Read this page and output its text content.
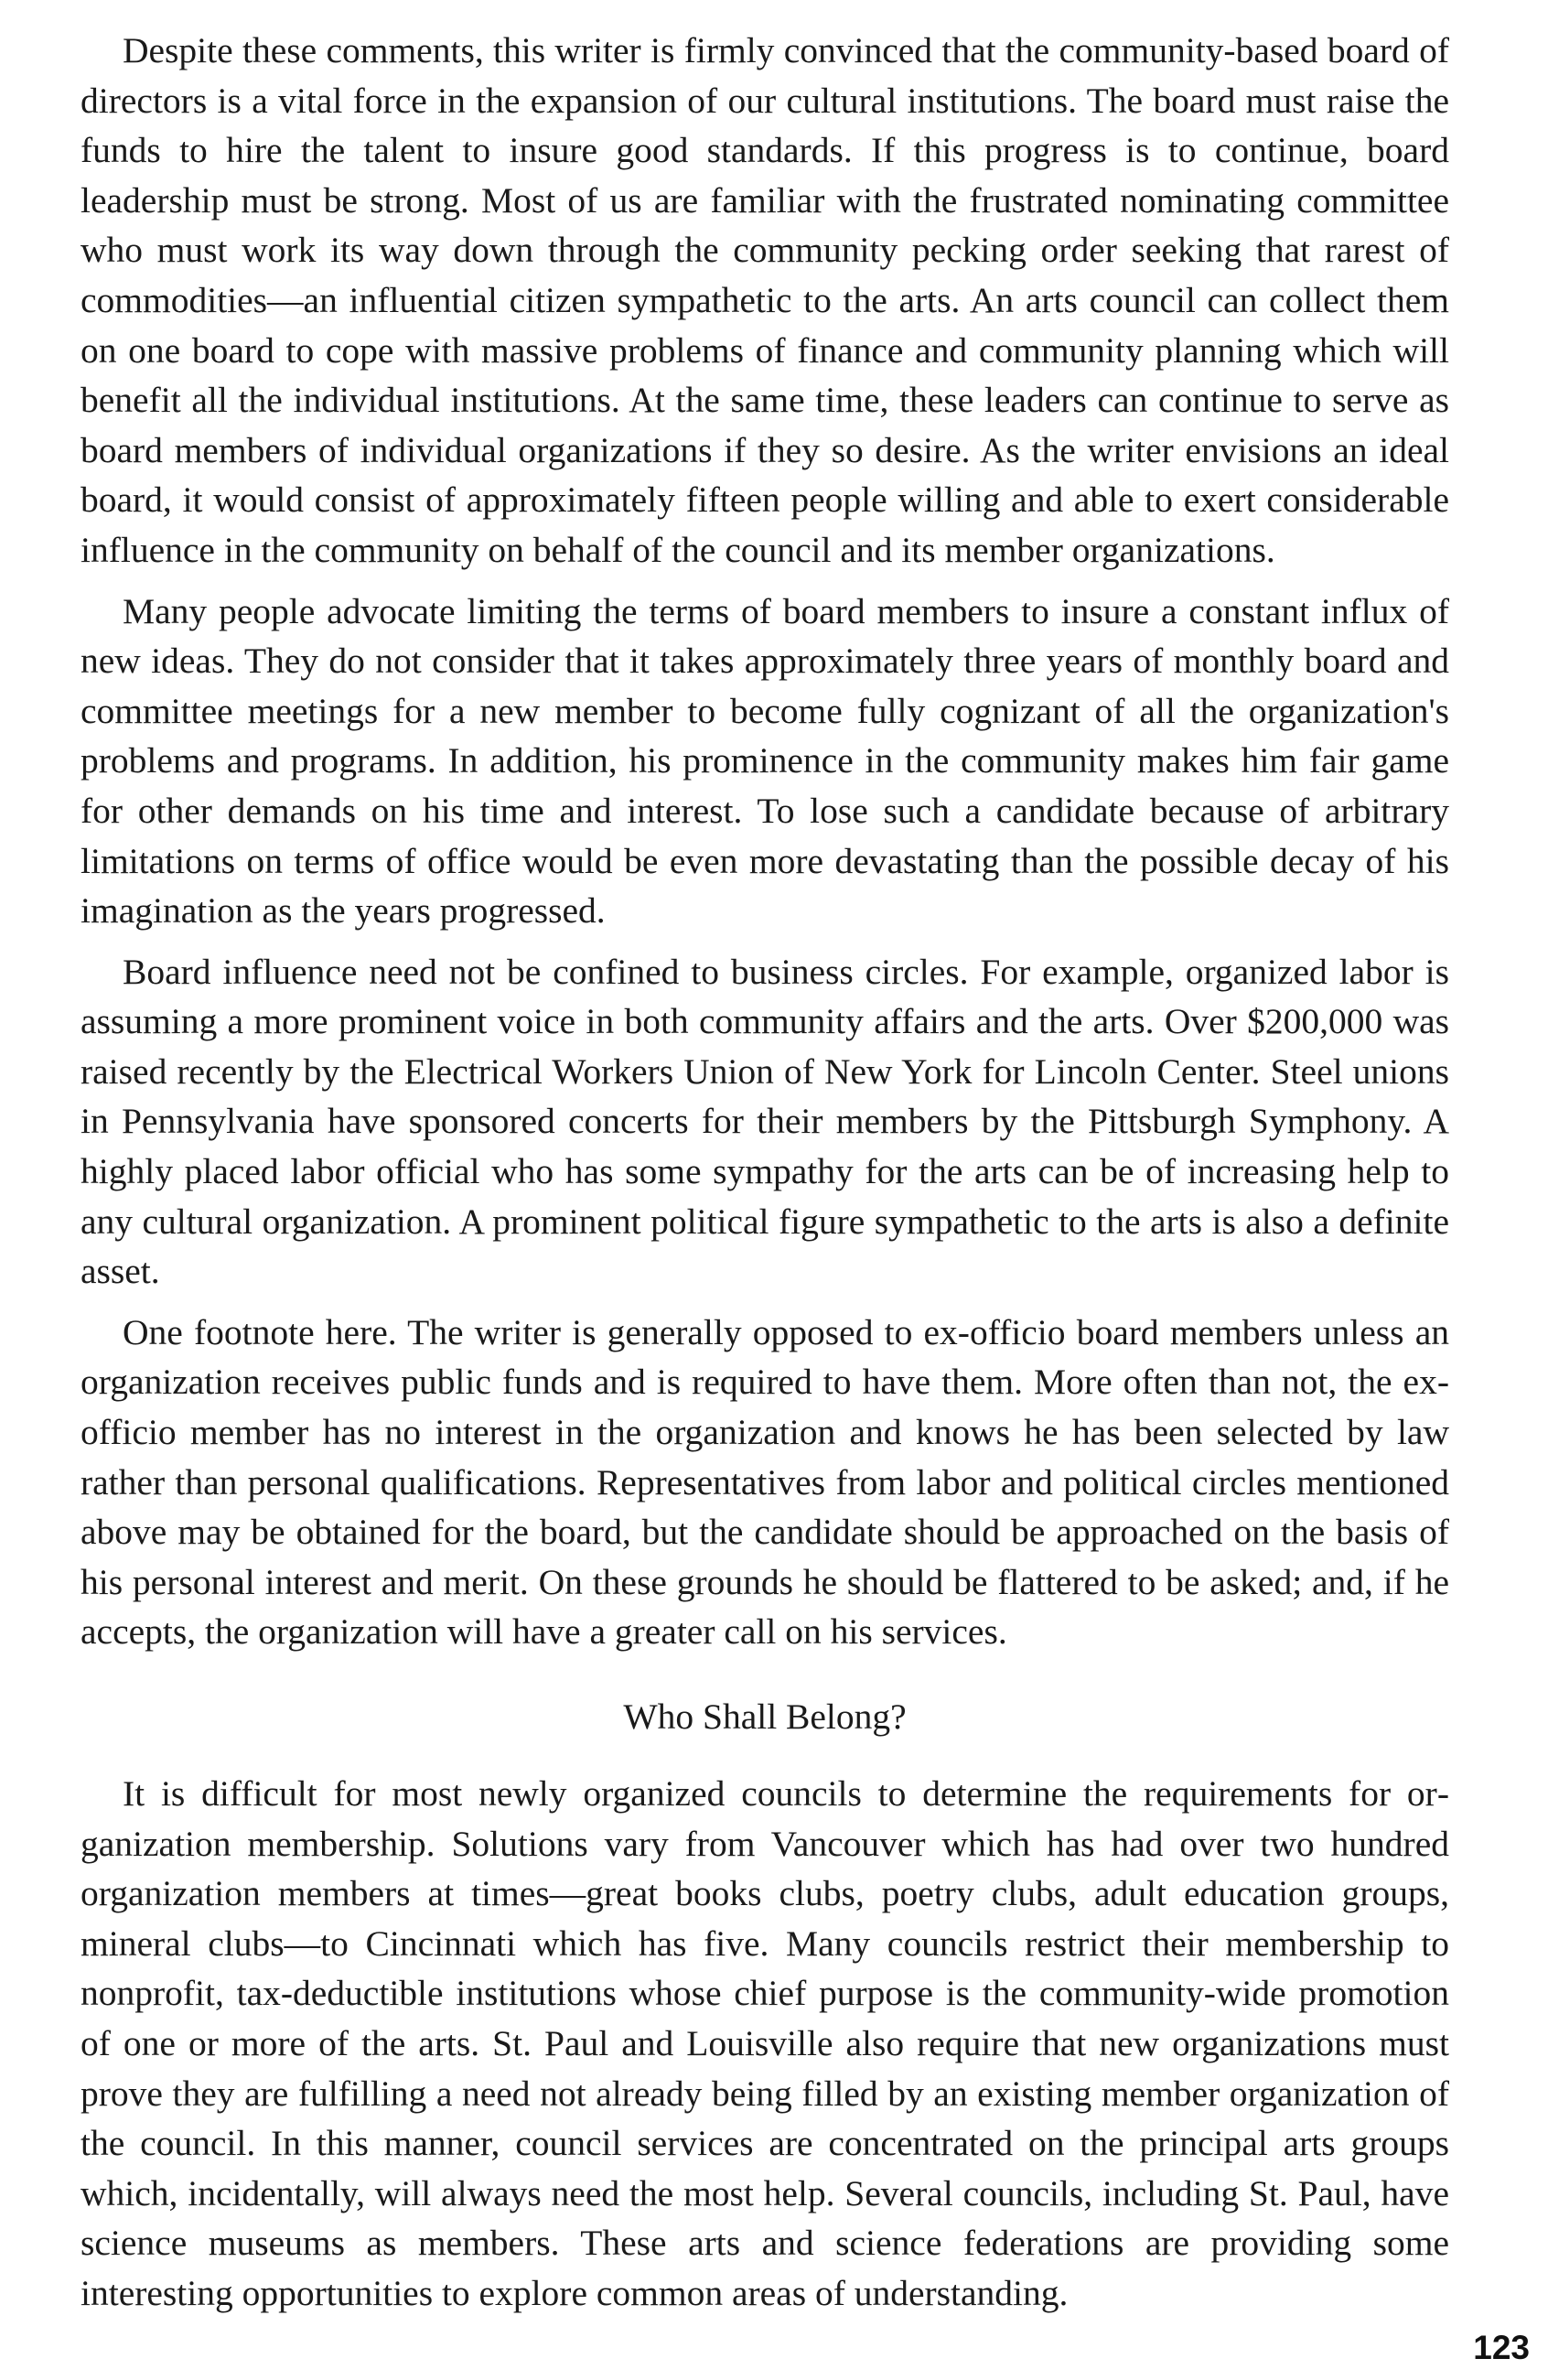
Despite these comments, this writer is firmly convinced that the community-based board of directors is a vital force in the expansion of our cultural institutions. The board must raise the funds to hire the talent to insure good standards. If this progress is to continue, board leadership must be strong. Most of us are familiar with the frustrated nominating committee who must work its way down through the community pecking order seeking that rarest of commodities—an influential citizen sympathetic to the arts. An arts council can collect them on one board to cope with massive problems of finance and community planning which will benefit all the individual institutions. At the same time, these leaders can continue to serve as board members of individual organizations if they so desire. As the writer envisions an ideal board, it would consist of approximately fifteen people willing and able to exert considerable influence in the community on behalf of the council and its member organizations.

Many people advocate limiting the terms of board members to insure a constant influx of new ideas. They do not consider that it takes approximately three years of monthly board and committee meetings for a new member to become fully cognizant of all the organization's problems and programs. In addition, his prominence in the community makes him fair game for other demands on his time and interest. To lose such a candidate because of arbitrary limitations on terms of office would be even more devastating than the possible decay of his imagination as the years progressed.

Board influence need not be confined to business circles. For example, organized labor is assuming a more prominent voice in both community affairs and the arts. Over $200,000 was raised recently by the Electrical Workers Union of New York for Lincoln Center. Steel unions in Pennsylvania have sponsored concerts for their members by the Pittsburgh Symphony. A highly placed labor official who has some sympathy for the arts can be of increasing help to any cultural organization. A prominent political figure sympathetic to the arts is also a definite asset.

One footnote here. The writer is generally opposed to ex-officio board members unless an organization receives public funds and is required to have them. More often than not, the ex-officio member has no interest in the organization and knows he has been selected by law rather than personal qualifications. Representatives from labor and political circles mentioned above may be obtained for the board, but the candidate should be approached on the basis of his personal interest and merit. On these grounds he should be flattered to be asked; and, if he accepts, the organization will have a greater call on his services.

Who Shall Belong?

It is difficult for most newly organized councils to determine the requirements for organization membership. Solutions vary from Vancouver which has had over two hundred organization members at times—great books clubs, poetry clubs, adult education groups, mineral clubs—to Cincinnati which has five. Many councils restrict their membership to nonprofit, tax-deductible institutions whose chief purpose is the community-wide promotion of one or more of the arts. St. Paul and Louisville also require that new organizations must prove they are fulfilling a need not already being filled by an existing member organization of the council. In this manner, council services are concentrated on the principal arts groups which, incidentally, will always need the most help. Several councils, including St. Paul, have science museums as members. These arts and science federations are providing some interesting opportunities to explore common areas of understanding.

123
